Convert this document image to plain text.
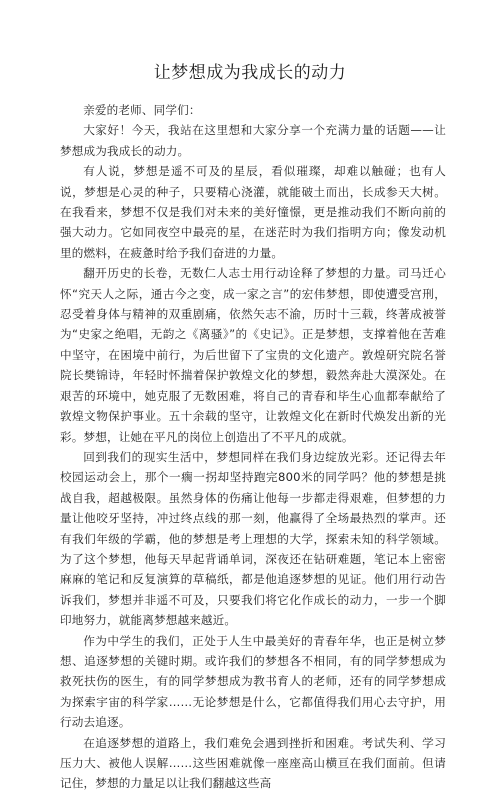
让梦想成为我成长的动力

亲爱的老师、同学们：

大家好！今天，我站在这里想和大家分享一个充满力量的话题——让梦想成为我成长的动力。

有人说，梦想是遥不可及的星辰，看似璀璨，却难以触碰；也有人说，梦想是心灵的种子，只要精心浇灌，就能破土而出，长成参天大树。在我看来，梦想不仅是我们对未来的美好憧憬，更是推动我们不断向前的强大动力。它如同夜空中最亮的星，在迷茫时为我们指明方向；像发动机里的燃料，在疲惫时给予我们奋进的力量。

翻开历史的长卷，无数仁人志士用行动诠释了梦想的力量。司马迁心怀“究天人之际，通古今之变，成一家之言”的宏伟梦想，即使遭受宫刑，忍受着身体与精神的双重剧痛，依然矢志不渝，历时十三载，终著成被誉为“史家之绝唱，无韵之《离骚》”的《史记》。正是梦想，支撑着他在苦难中坚守，在困境中前行，为后世留下了宝贵的文化遗产。敦煌研究院名誉院长樊锦诗，年轻时怀揣着保护敦煌文化的梦想，毅然奔赴大漠深处。在艰苦的环境中，她克服了无数困难，将自己的青春和毕生心血都奉献给了敦煌文物保护事业。五十余载的坚守，让敦煌文化在新时代焕发出新的光彩。梦想，让她在平凡的岗位上创造出了不平凡的成就。

回到我们的现实生活中，梦想同样在我们身边绽放光彩。还记得去年校园运动会上，那个一瘸一拐却坚持跑完800米的同学吗？他的梦想是挑战自我，超越极限。虽然身体的伤痛让他每一步都走得艰难，但梦想的力量让他咬牙坚持，冲过终点线的那一刻，他赢得了全场最热烈的掌声。还有我们年级的学霸，他的梦想是考上理想的大学，探索未知的科学领域。为了这个梦想，他每天早起背诵单词，深夜还在钻研难题，笔记本上密密麻麻的笔记和反复演算的草稿纸，都是他追逐梦想的见证。他们用行动告诉我们，梦想并非遥不可及，只要我们将它化作成长的动力，一步一个脚印地努力，就能离梦想越来越近。

作为中学生的我们，正处于人生中最美好的青春年华，也正是树立梦想、追逐梦想的关键时期。或许我们的梦想各不相同，有的同学梦想成为救死扶伤的医生，有的同学梦想成为教书育人的老师，还有的同学梦想成为探索宇宙的科学家……无论梦想是什么，它都值得我们用心去守护，用行动去追逐。

在追逐梦想的道路上，我们难免会遇到挫折和困难。考试失利、学习压力大、被他人误解……这些困难就像一座座高山横亘在我们面前。但请记住，梦想的力量足以让我们翻越这些高
